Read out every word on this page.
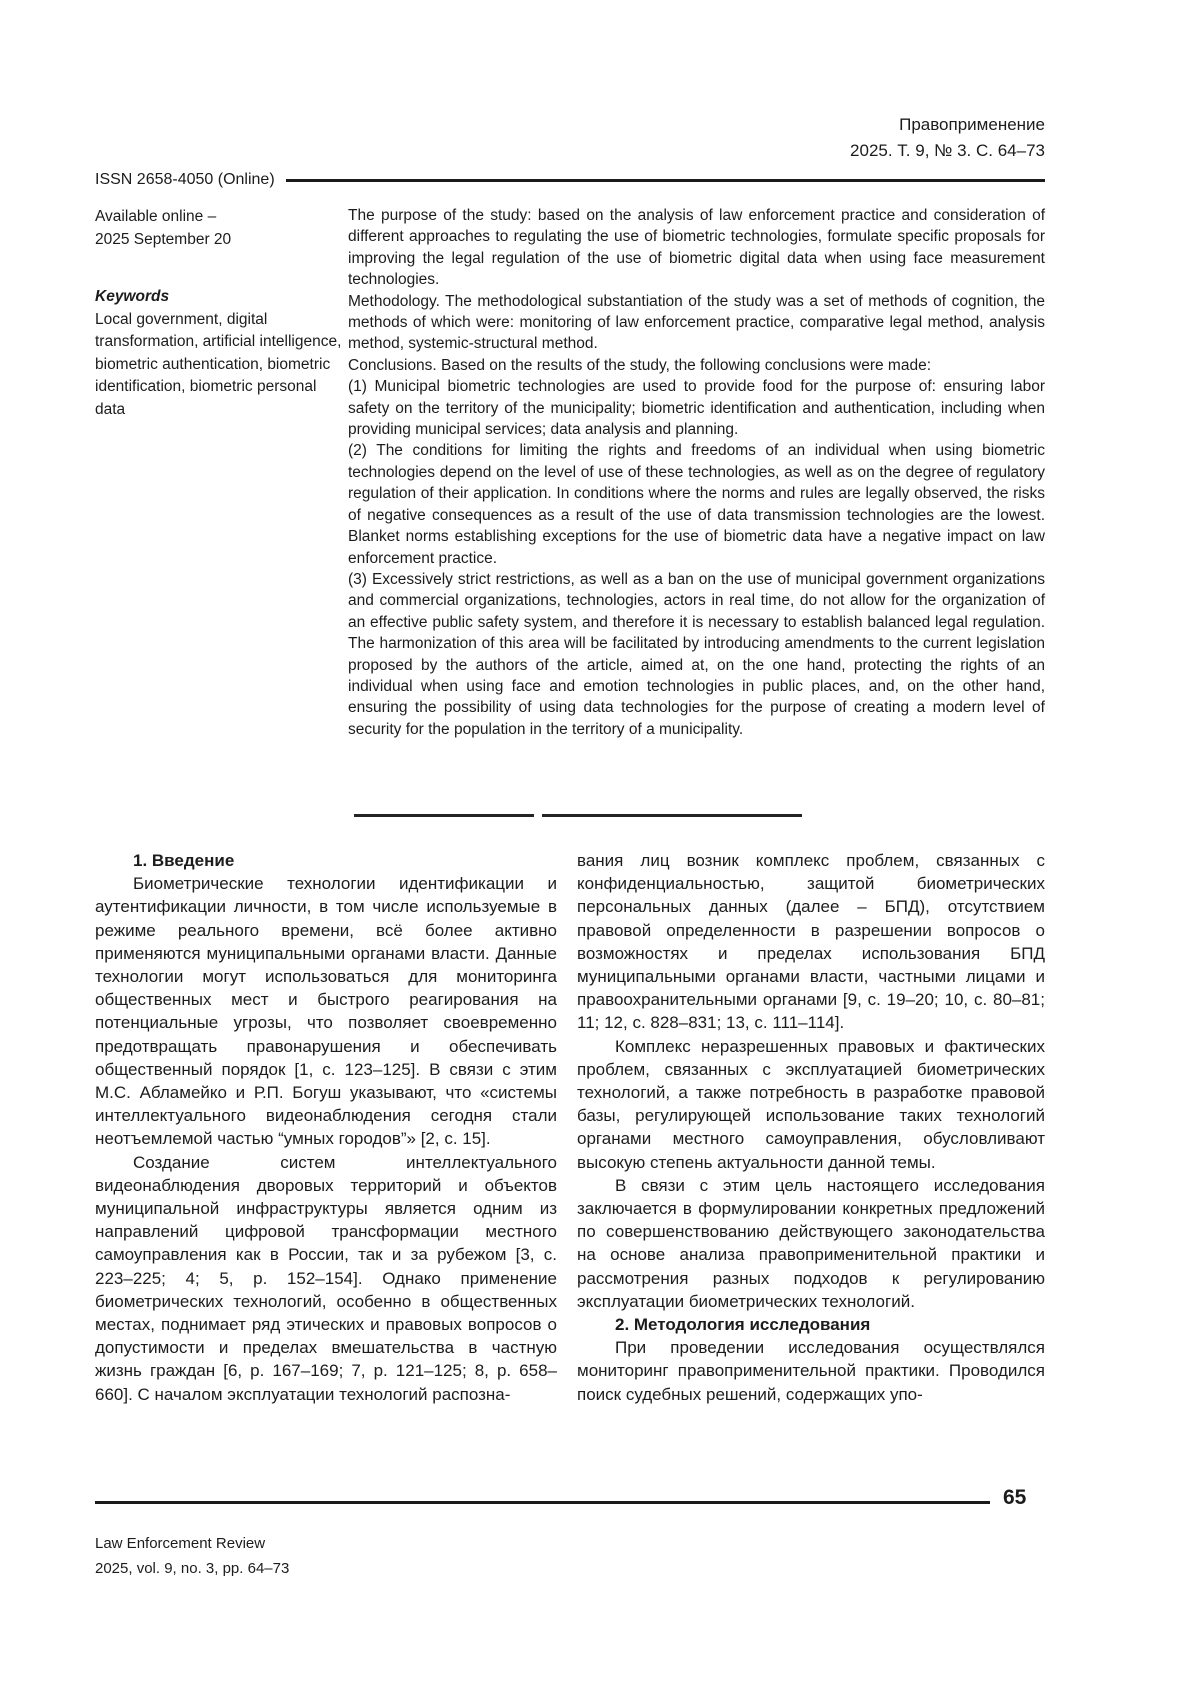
Правоприменение
2025. Т. 9, № 3. С. 64–73
ISSN 2658-4050 (Online)
Available online –
2025 September 20
Keywords
Local government, digital transformation, artificial intelligence, biometric authentication, biometric identification, biometric personal data

The purpose of the study: based on the analysis of law enforcement practice and consideration of different approaches to regulating the use of biometric technologies, formulate specific proposals for improving the legal regulation of the use of biometric digital data when using face measurement technologies.

Methodology. The methodological substantiation of the study was a set of methods of cognition, the methods of which were: monitoring of law enforcement practice, comparative legal method, analysis method, systemic-structural method.

Conclusions. Based on the results of the study, the following conclusions were made:

(1) Municipal biometric technologies are used to provide food for the purpose of: ensuring labor safety on the territory of the municipality; biometric identification and authentication, including when providing municipal services; data analysis and planning.

(2) The conditions for limiting the rights and freedoms of an individual when using biometric technologies depend on the level of use of these technologies, as well as on the degree of regulatory regulation of their application. In conditions where the norms and rules are legally observed, the risks of negative consequences as a result of the use of data transmission technologies are the lowest. Blanket norms establishing exceptions for the use of biometric data have a negative impact on law enforcement practice.

(3) Excessively strict restrictions, as well as a ban on the use of municipal government organizations and commercial organizations, technologies, actors in real time, do not allow for the organization of an effective public safety system, and therefore it is necessary to establish balanced legal regulation. The harmonization of this area will be facilitated by introducing amendments to the current legislation proposed by the authors of the article, aimed at, on the one hand, protecting the rights of an individual when using face and emotion technologies in public places, and, on the other hand, ensuring the possibility of using data technologies for the purpose of creating a modern level of security for the population in the territory of a municipality.

1. Введение

Биометрические технологии идентификации и аутентификации личности, в том числе используемые в режиме реального времени, всё более активно применяются муниципальными органами власти. Данные технологии могут использоваться для мониторинга общественных мест и быстрого реагирования на потенциальные угрозы, что позволяет своевременно предотвращать правонарушения и обеспечивать общественный порядок [1, с. 123–125]. В связи с этим М.С. Абламейко и Р.П. Богуш указывают, что «системы интеллектуального видеонаблюдения сегодня стали неотъемлемой частью “умных городов”» [2, с. 15].

Создание систем интеллектуального видеонаблюдения дворовых территорий и объектов муниципальной инфраструктуры является одним из направлений цифровой трансформации местного самоуправления как в России, так и за рубежом [3, с. 223–225; 4; 5, p. 152–154]. Однако применение биометрических технологий, особенно в общественных местах, поднимает ряд этических и правовых вопросов о допустимости и пределах вмешательства в частную жизнь граждан [6, p. 167–169; 7, p. 121–125; 8, p. 658–660]. С началом эксплуатации технологий распозна-

вания лиц возник комплекс проблем, связанных с конфиденциальностью, защитой биометрических персональных данных (далее – БПД), отсутствием правовой определенности в разрешении вопросов о возможностях и пределах использования БПД муниципальными органами власти, частными лицами и правоохранительными органами [9, с. 19–20; 10, с. 80–81; 11; 12, с. 828–831; 13, с. 111–114].

Комплекс неразрешенных правовых и фактических проблем, связанных с эксплуатацией биометрических технологий, а также потребность в разработке правовой базы, регулирующей использование таких технологий органами местного самоуправления, обусловливают высокую степень актуальности данной темы.

В связи с этим цель настоящего исследования заключается в формулировании конкретных предложений по совершенствованию действующего законодательства на основе анализа правоприменительной практики и рассмотрения разных подходов к регулированию эксплуатации биометрических технологий.

2. Методология исследования

При проведении исследования осуществлялся мониторинг правоприменительной практики. Проводился поиск судебных решений, содержащих упо-

65
Law Enforcement Review
2025, vol. 9, no. 3, pp. 64–73
